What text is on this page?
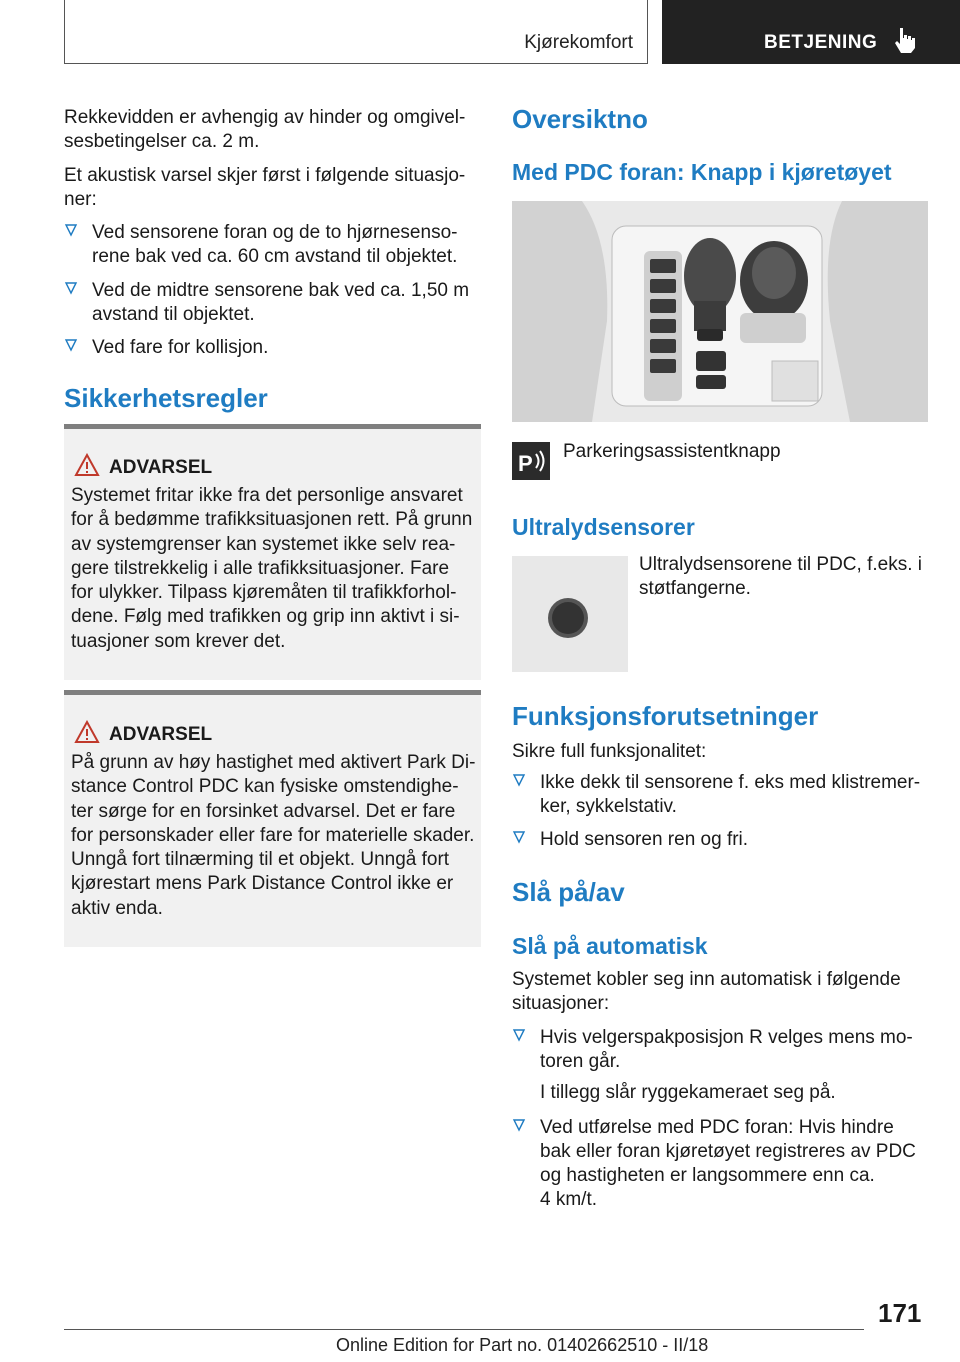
Kjørekomfort	BETJENING

Rekkevidden er avhengig av hinder og omgivel‐
sesbetingelser ca. 2 m.

Et akustisk varsel skjer først i følgende situasjo‐
ner:

Ved sensorene foran og de to hjørnesenso‐
rene bak ved ca. 60 cm avstand til objektet.
Ved de midtre sensorene bak ved ca. 1,50 m
avstand til objektet.
Ved fare for kollisjon.
Sikkerhetsregler
ADVARSEL
Systemet fritar ikke fra det personlige ansvaret
for å bedømme trafikksituasjonen rett. På grunn
av systemgrenser kan systemet ikke selv rea‐
gere tilstrekkelig i alle trafikksituasjoner. Fare
for ulykker. Tilpass kjøremåten til trafikkforhol‐
dene. Følg med trafikken og grip inn aktivt i si‐
tuasjoner som krever det.
ADVARSEL
På grunn av høy hastighet med aktivert Park Di‐
stance Control PDC kan fysiske omstendighe‐
ter sørge for en forsinket advarsel. Det er fare
for personskader eller fare for materielle skader.
Unngå fort tilnærming til et objekt. Unngå fort
kjørestart mens Park Distance Control ikke er
aktiv enda.
Oversiktno
Med PDC foran: Knapp i kjøretøyet
P Parkeringsassistentknapp

Ultralydsensorer

Ultralydsensorene til PDC, f.eks. i
støtfangerne.

Funksjonsforutsetninger

Sikre full funksjonalitet:

Ikke dekk til sensorene f. eks med klistremer‐
ker, sykkelstativ.
Hold sensoren ren og fri.
Slå på/av
Slå på automatisk

Systemet kobler seg inn automatisk i følgende
situasjoner:

Hvis velgerspakposisjon R velges mens mo‐
toren går.

I tillegg slår ryggekameraet seg på.

Ved utførelse med PDC foran: Hvis hindre
bak eller foran kjøretøyet registreres av PDC
og hastigheten er langsommere enn ca.
4 km/t.
171
Online Edition for Part no. 01402662510 - II/18
